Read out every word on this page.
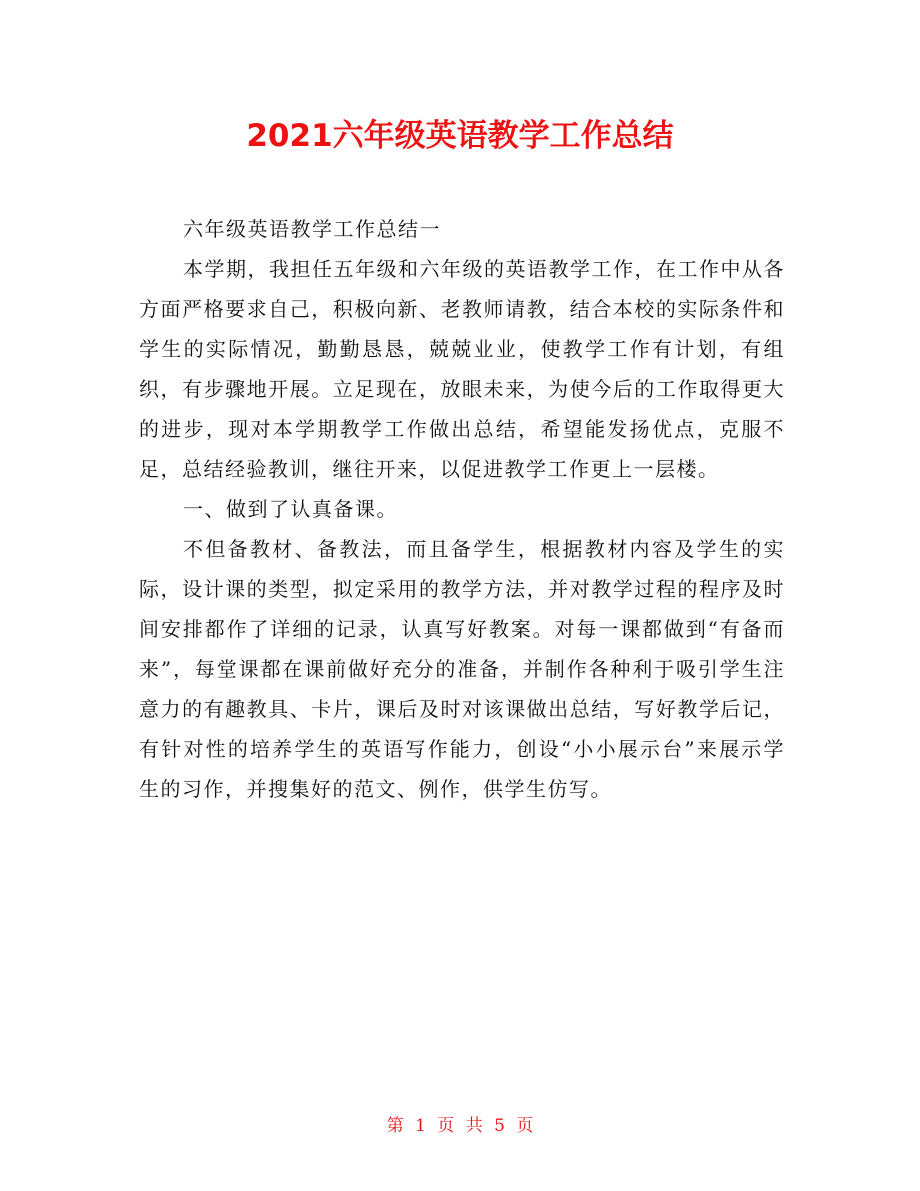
2021六年级英语教学工作总结

六年级英语教学工作总结一

本学期，我担任五年级和六年级的英语教学工作，在工作中从各方面严格要求自己，积极向新、老教师请教，结合本校的实际条件和学生的实际情况，勤勤恳恳，兢兢业业，使教学工作有计划，有组织，有步骤地开展。立足现在，放眼未来，为使今后的工作取得更大的进步，现对本学期教学工作做出总结，希望能发扬优点，克服不足，总结经验教训，继往开来，以促进教学工作更上一层楼。

一、做到了认真备课。

不但备教材、备教法，而且备学生，根据教材内容及学生的实际，设计课的类型，拟定采用的教学方法，并对教学过程的程序及时间安排都作了详细的记录，认真写好教案。对每一课都做到“有备而来”，每堂课都在课前做好充分的准备，并制作各种利于吸引学生注意力的有趣教具、卡片，课后及时对该课做出总结，写好教学后记，有针对性的培养学生的英语写作能力，创设“小小展示台”来展示学生的习作，并搜集好的范文、例作，供学生仿写。

第 1 页 共 5 页
